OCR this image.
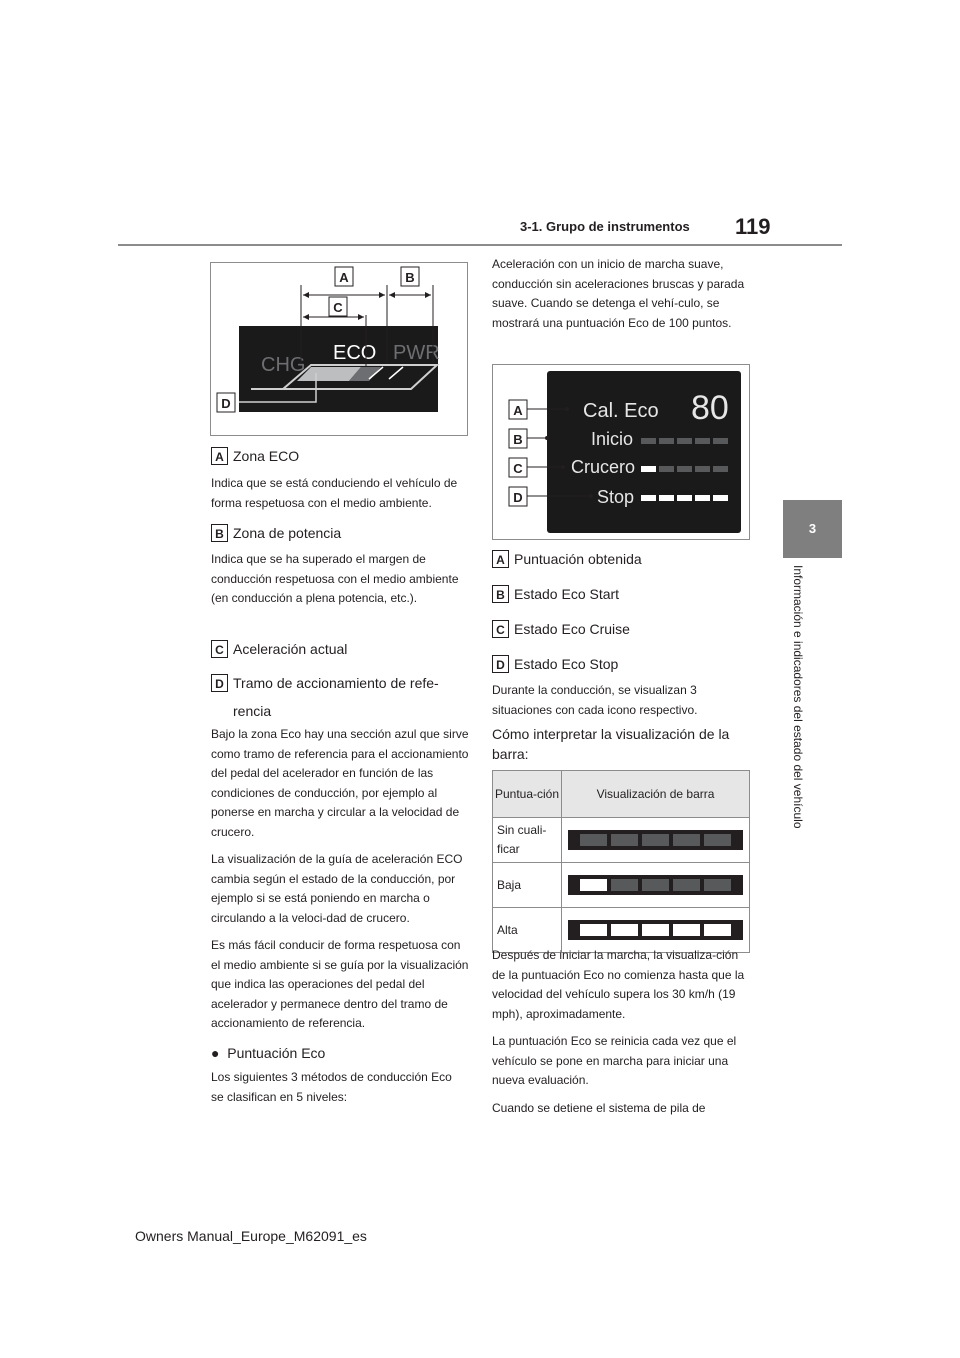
3-1. Grupo de instrumentos 119
3
Información e indicadores del estado del vehículo
CHG
ECO PWR
A	B
C
D
A Zona ECO
Indica que se está conduciendo el vehículo de forma respetuosa con el medio ambiente.
B Zona de potencia
Indica que se ha superado el margen de conducción respetuosa con el medio ambiente (en conducción a plena potencia, etc.).
C Aceleración actual
D Tramo de accionamiento de refe-
rencia

Bajo la zona Eco hay una sección azul que sirve como tramo de referencia para el accionamiento del pedal del acelerador en función de las condiciones de conducción, por ejemplo al ponerse en marcha y circular a la velocidad de crucero.

La visualización de la guía de aceleración ECO cambia según el estado de la conducción, por ejemplo si se está poniendo en marcha o circulando a la veloci-dad de crucero.

Es más fácil conducir de forma respetuosa con el medio ambiente si se guía por la visualización que indica las operaciones del pedal del acelerador y permanece dentro del tramo de accionamiento de referencia.

● Puntuación Eco
Los siguientes 3 métodos de conducción Eco se clasifican en 5 niveles:
Aceleración con un inicio de marcha suave, conducción sin aceleraciones bruscas y parada suave. Cuando se detenga el vehí-culo, se mostrará una puntuación Eco de 100 puntos.
Cal. Eco 80
Inicio
Crucero
Stop
A
B
C
D
A Puntuación obtenida
B Estado Eco Start
C Estado Eco Cruise
D Estado Eco Stop
Durante la conducción, se visualizan 3 situaciones con cada icono respectivo.
Cómo interpretar la visualización de la barra:
Puntua-ción	Visualización de barra
Sin cuali-ficar	

Baja	

Alta	

Después de iniciar la marcha, la visualiza-ción de la puntuación Eco no comienza hasta que la velocidad del vehículo supera los 30 km/h (19 mph), aproximadamente.

La puntuación Eco se reinicia cada vez que el vehículo se pone en marcha para iniciar una nueva evaluación.

Cuando se detiene el sistema de pila de

Owners Manual_Europe_M62091_es
